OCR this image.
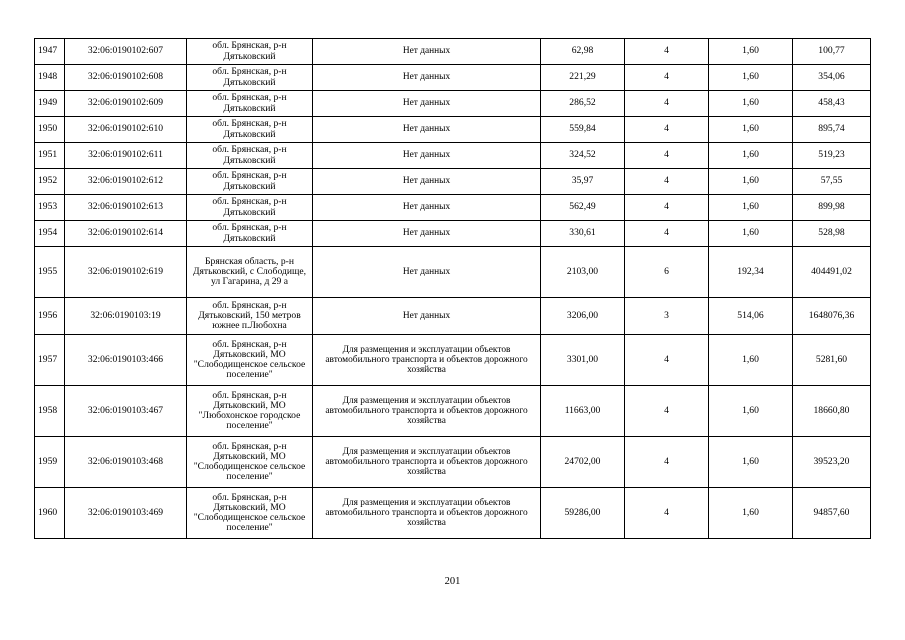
1947	32:06:0190102:607	обл. Брянская, р-н Дятьковский	Нет данных	62,98	4	1,60	100,77
1948	32:06:0190102:608	обл. Брянская, р-н Дятьковский	Нет данных	221,29	4	1,60	354,06
1949	32:06:0190102:609	обл. Брянская, р-н Дятьковский	Нет данных	286,52	4	1,60	458,43
1950	32:06:0190102:610	обл. Брянская, р-н Дятьковский	Нет данных	559,84	4	1,60	895,74
1951	32:06:0190102:611	обл. Брянская, р-н Дятьковский	Нет данных	324,52	4	1,60	519,23
1952	32:06:0190102:612	обл. Брянская, р-н Дятьковский	Нет данных	35,97	4	1,60	57,55
1953	32:06:0190102:613	обл. Брянская, р-н Дятьковский	Нет данных	562,49	4	1,60	899,98
1954	32:06:0190102:614	обл. Брянская, р-н Дятьковский	Нет данных	330,61	4	1,60	528,98
1955	32:06:0190102:619	Брянская область, р-н Дятьковский, с Слободище, ул Гагарина, д 29 а	Нет данных	2103,00	6	192,34	404491,02
1956	32:06:0190103:19	обл. Брянская, р-н Дятьковский, 150 метров южнее п.Любохна	Нет данных	3206,00	3	514,06	1648076,36
1957	32:06:0190103:466	обл. Брянская, р-н Дятьковский, МО "Слободищенское сельское поселение"	Для размещения и эксплуатации объектов автомобильного транспорта и объектов дорожного хозяйства	3301,00	4	1,60	5281,60
1958	32:06:0190103:467	обл. Брянская, р-н Дятьковский, МО "Любохонское городское поселение"	Для размещения и эксплуатации объектов автомобильного транспорта и объектов дорожного хозяйства	11663,00	4	1,60	18660,80
1959	32:06:0190103:468	обл. Брянская, р-н Дятьковский, МО "Слободищенское сельское поселение"	Для размещения и эксплуатации объектов автомобильного транспорта и объектов дорожного хозяйства	24702,00	4	1,60	39523,20
1960	32:06:0190103:469	обл. Брянская, р-н Дятьковский, МО "Слободищенское сельское поселение"	Для размещения и эксплуатации объектов автомобильного транспорта и объектов дорожного хозяйства	59286,00	4	1,60	94857,60
201
